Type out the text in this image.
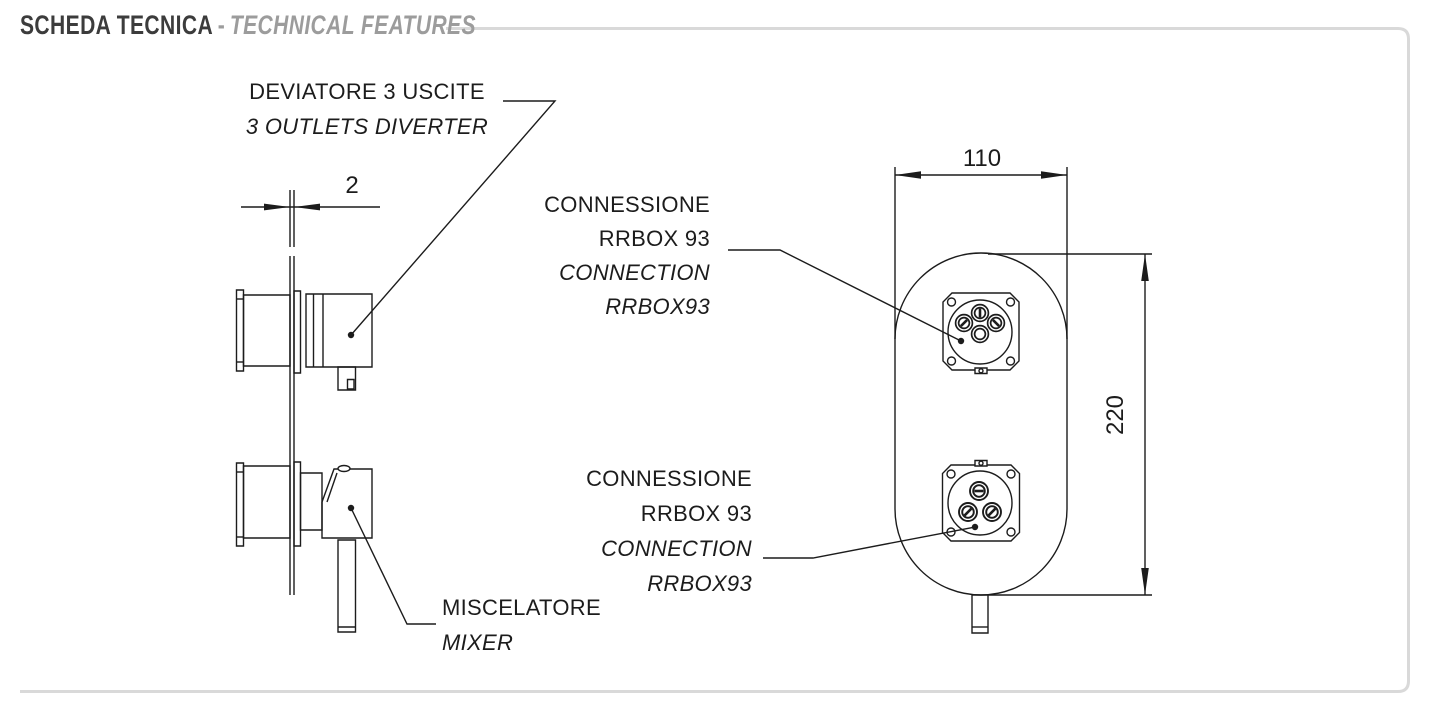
SCHEDA TECNICA - TECHNICAL FEATURES
DEVIATORE 3 USCITE
3 OUTLETS DIVERTER
2
CONNESSIONE
RRBOX 93
CONNECTION
RRBOX93
CONNESSIONE
RRBOX 93
CONNECTION
RRBOX93
MISCELATORE
MIXER
110
220
